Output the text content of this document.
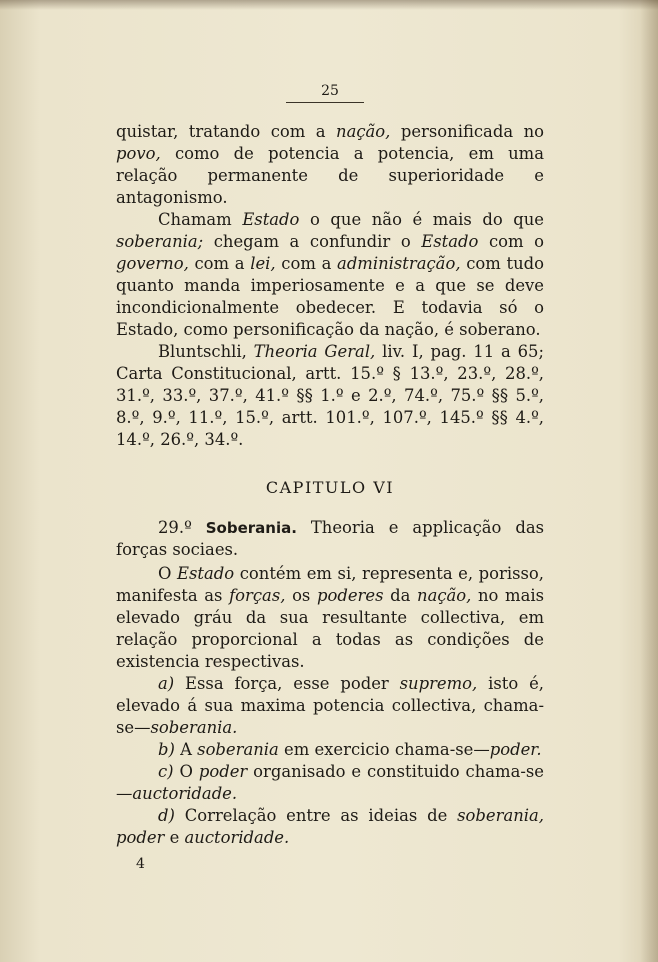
25

quistar, tratando com a nação, personificada no povo, como de potencia a potencia, em uma relação permanente de superioridade e antagonismo.

Chamam Estado o que não é mais do que soberania; chegam a confundir o Estado com o governo, com a lei, com a administração, com tudo quanto manda imperiosamente e a que se deve incondicionalmente obedecer. E todavia só o Estado, como personificação da nação, é soberano.

Bluntschli, Theoria Geral, liv. I, pag. 11 a 65; Carta Constitucional, artt. 15.º § 13.º, 23.º, 28.º, 31.º, 33.º, 37.º, 41.º §§ 1.º e 2.º, 74.º, 75.º §§ 5.º, 8.º, 9.º, 11.º, 15.º, artt. 101.º, 107.º, 145.º §§ 4.º, 14.º, 26.º, 34.º.

CAPITULO VI

29.º Soberania. Theoria e applicação das forças sociaes.

O Estado contém em si, representa e, porisso, manifesta as forças, os poderes da nação, no mais elevado gráu da sua resultante collectiva, em relação proporcional a todas as condições de existencia respectivas.

a) Essa força, esse poder supremo, isto é, elevado á sua maxima potencia collectiva, chama-se—soberania.

b) A soberania em exercicio chama-se—poder.

c) O poder organisado e constituido chama-se—auctoridade.

d) Correlação entre as ideias de soberania, poder e auctoridade.

4
